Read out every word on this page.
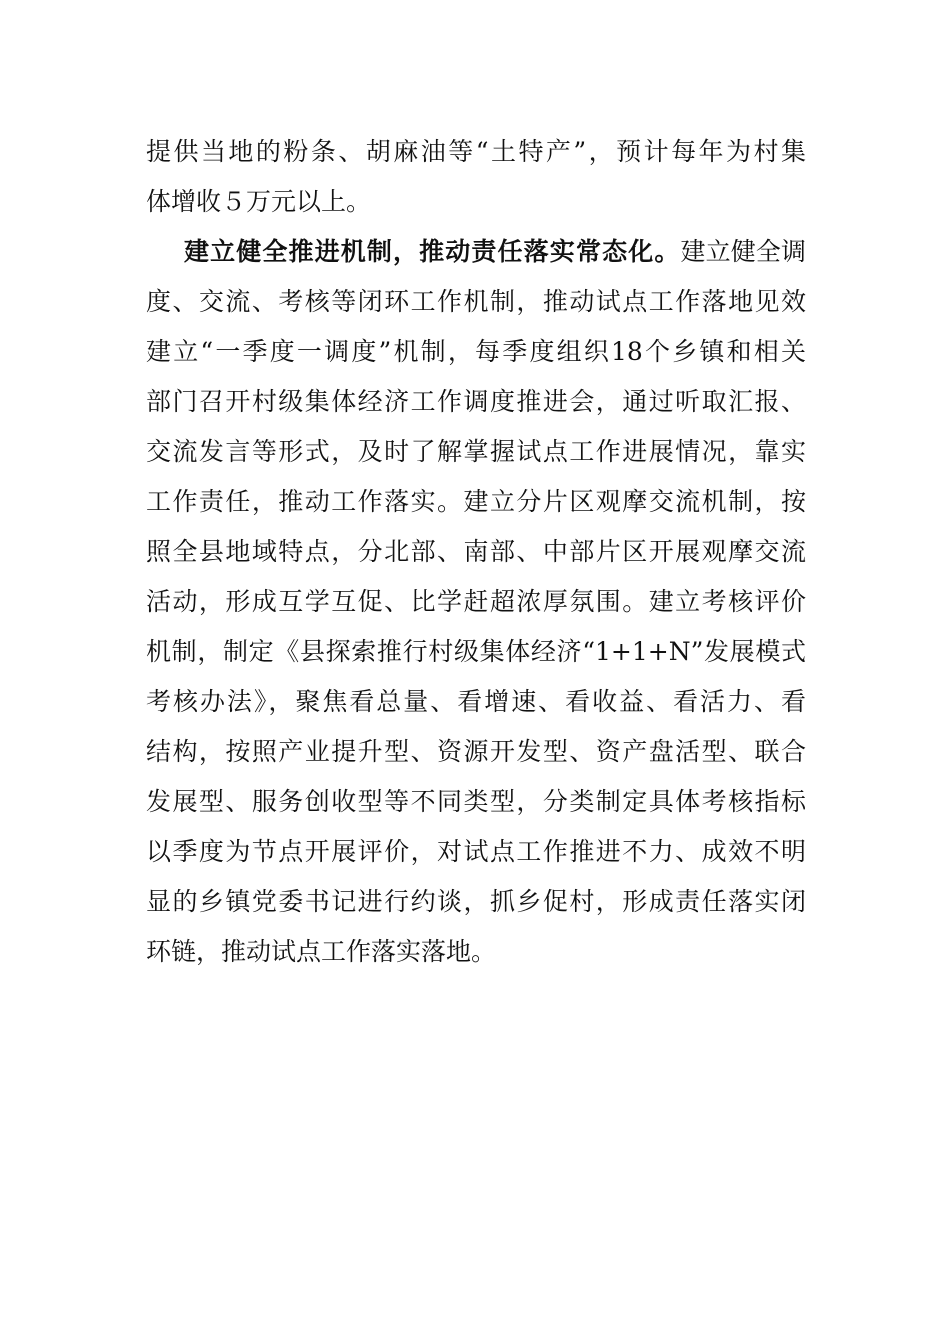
提供当地的粉条、胡麻油等“土特产”，预计每年为村集
体增收５万元以上。
建立健全推进机制，推动责任落实常态化。建立健全调
度、交流、考核等闭环工作机制，推动试点工作落地见效
建立“一季度一调度”机制，每季度组织18个乡镇和相关
部门召开村级集体经济工作调度推进会，通过听取汇报、
交流发言等形式，及时了解掌握试点工作进展情况，靠实
工作责任，推动工作落实。建立分片区观摩交流机制，按
照全县地域特点，分北部、南部、中部片区开展观摩交流
活动，形成互学互促、比学赶超浓厚氛围。建立考核评价
机制，制定《县探索推行村级集体经济“1+1+N”发展模式
考核办法》，聚焦看总量、看增速、看收益、看活力、看
结构，按照产业提升型、资源开发型、资产盘活型、联合
发展型、服务创收型等不同类型，分类制定具体考核指标
以季度为节点开展评价，对试点工作推进不力、成效不明
显的乡镇党委书记进行约谈，抓乡促村，形成责任落实闭
环链，推动试点工作落实落地。
